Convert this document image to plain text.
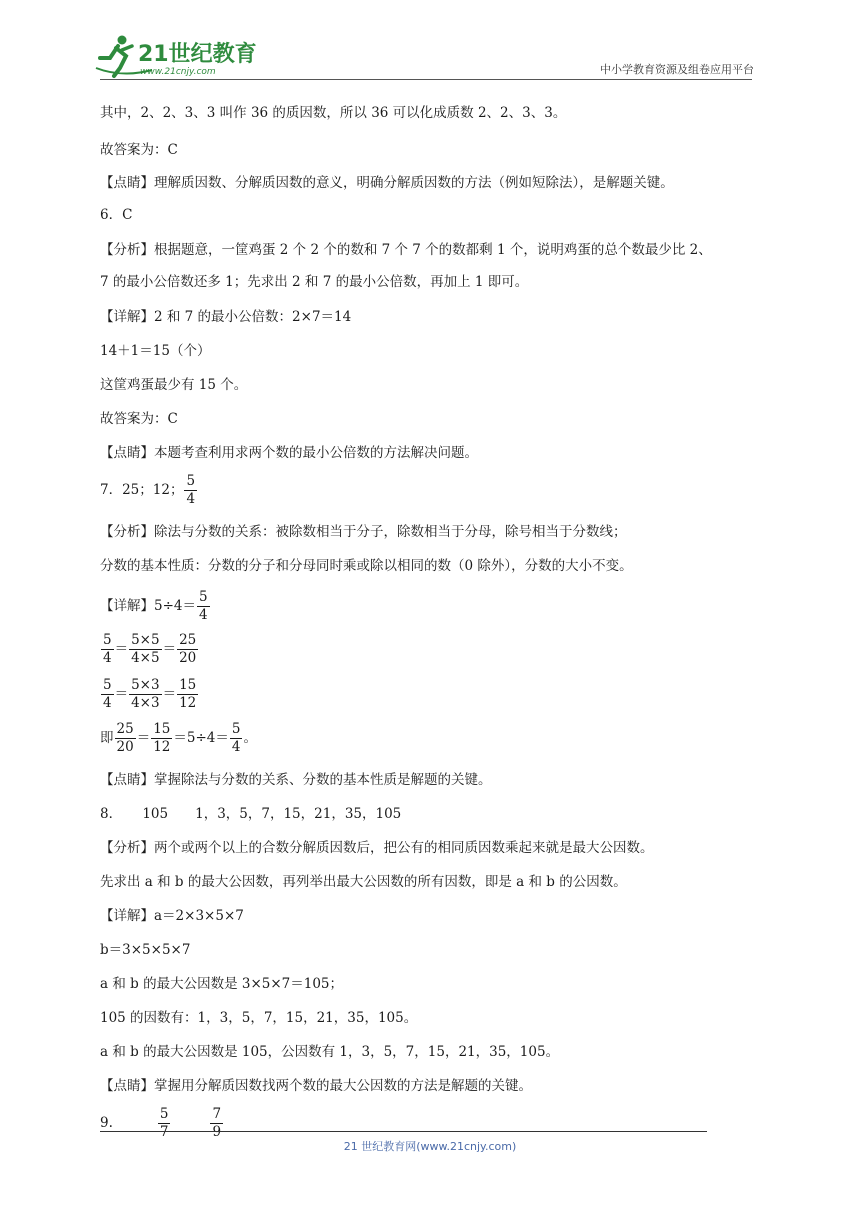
21世纪教育
www.21cnjy.com	中小学教育资源及组卷应用平台
其中，2、2、3、3 叫作 36 的质因数，所以 36 可以化成质数 2、2、3、3。
故答案为：C
【点睛】理解质因数、分解质因数的意义，明确分解质因数的方法（例如短除法），是解题关键。
6．C
【分析】根据题意，一筐鸡蛋 2 个 2 个的数和 7 个 7 个的数都剩 1 个，说明鸡蛋的总个数最少比 2、
7 的最小公倍数还多 1；先求出 2 和 7 的最小公倍数，再加上 1 即可。
【详解】2 和 7 的最小公倍数：2×7＝14
14＋1＝15（个）
这筐鸡蛋最少有 15 个。
故答案为：C
【点睛】本题考查利用求两个数的最小公倍数的方法解决问题。
7．25；12； $\frac{5}{4}$
【分析】除法与分数的关系：被除数相当于分子，除数相当于分母，除号相当于分数线；
分数的基本性质：分数的分子和分母同时乘或除以相同的数（0 除外），分数的大小不变。
【详解】$5\div 4= \frac{5}{4}$
$\frac{5}{4} = \frac{5\times 5}{4\times 5} = \frac{25}{20}$
$\frac{5}{4} = \frac{5\times 3}{4\times 3} = \frac{15}{12}$
即 $\frac{25}{20} = \frac{15}{12} =5\div 4= \frac{5}{4}$ 。
【点睛】掌握除法与分数的关系、分数的基本性质是解题的关键。
8．　　105　　1，3，5，7，15，21，35，105
【分析】两个或两个以上的合数分解质因数后，把公有的相同质因数乘起来就是最大公因数。
先求出 a 和 b 的最大公因数，再列举出最大公因数的所有因数，即是 a 和 b 的公因数。
【详解】a＝2×3×5×7
b＝3×5×5×7
a 和 b 的最大公因数是 3×5×7＝105；
105 的因数有：1，3，5，7，15，21，35，105。
a 和 b 的最大公因数是 105，公因数有 1，3，5，7，15，21，35，105。
【点睛】掌握用分解质因数找两个数的最大公因数的方法是解题的关键。
9.	$\frac{5}{7}$	$\frac{7}{9}$
21 世纪教育网(www.21cnjy.com)
